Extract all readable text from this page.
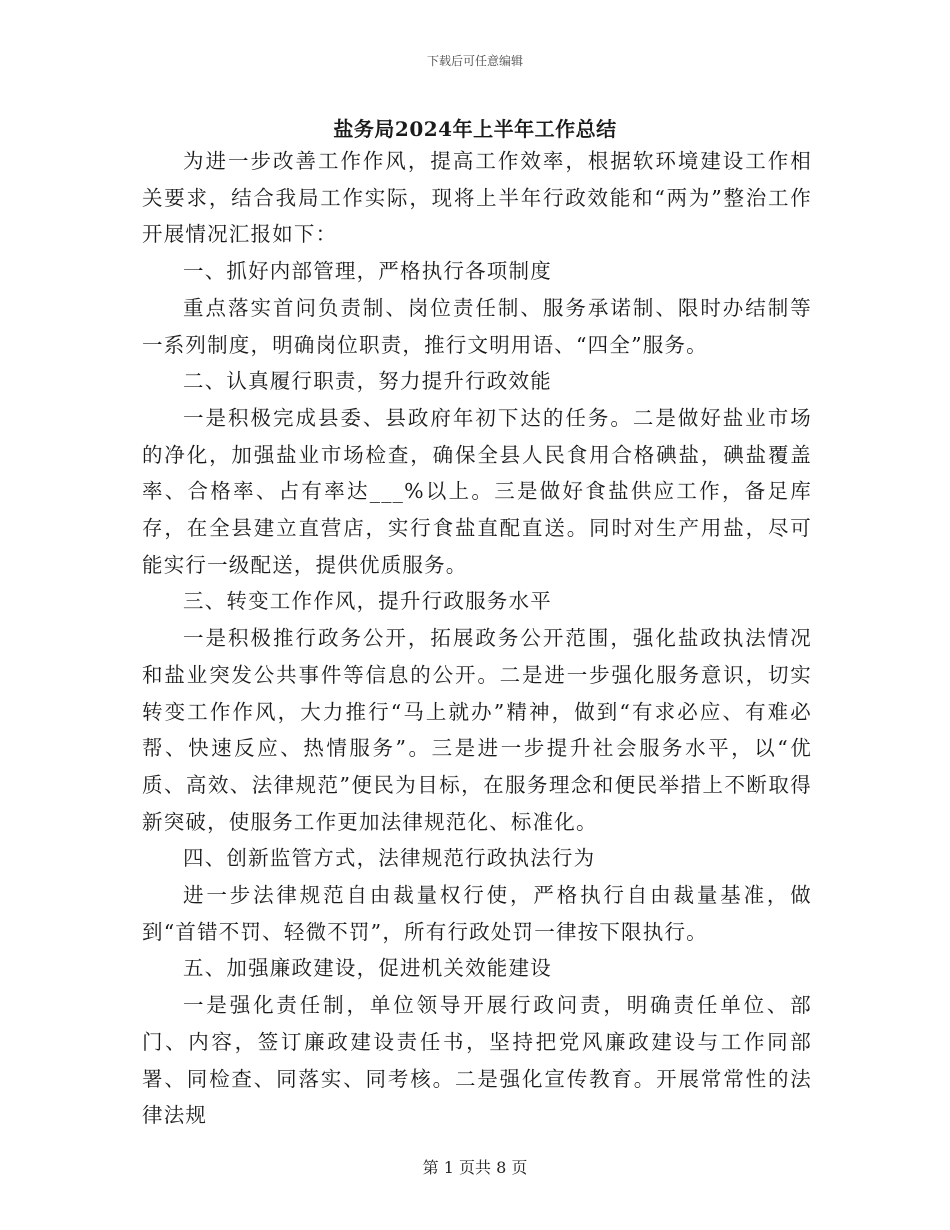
下载后可任意编辑
盐务局2024年上半年工作总结

为进一步改善工作作风，提高工作效率，根据软环境建设工作相关要求，结合我局工作实际，现将上半年行政效能和“两为”整治工作开展情况汇报如下：

一、抓好内部管理，严格执行各项制度

重点落实首问负责制、岗位责任制、服务承诺制、限时办结制等一系列制度，明确岗位职责，推行文明用语、“四全”服务。

二、认真履行职责，努力提升行政效能

一是积极完成县委、县政府年初下达的任务。二是做好盐业市场的净化，加强盐业市场检查，确保全县人民食用合格碘盐，碘盐覆盖率、合格率、占有率达___%以上。三是做好食盐供应工作，备足库存，在全县建立直营店，实行食盐直配直送。同时对生产用盐，尽可能实行一级配送，提供优质服务。

三、转变工作作风，提升行政服务水平

一是积极推行政务公开，拓展政务公开范围，强化盐政执法情况和盐业突发公共事件等信息的公开。二是进一步强化服务意识，切实转变工作作风，大力推行“马上就办”精神，做到“有求必应、有难必帮、快速反应、热情服务”。三是进一步提升社会服务水平，以“优质、高效、法律规范”便民为目标，在服务理念和便民举措上不断取得新突破，使服务工作更加法律规范化、标准化。

四、创新监管方式，法律规范行政执法行为

进一步法律规范自由裁量权行使，严格执行自由裁量基准，做到“首错不罚、轻微不罚”，所有行政处罚一律按下限执行。

五、加强廉政建设，促进机关效能建设

一是强化责任制，单位领导开展行政问责，明确责任单位、部门、内容，签订廉政建设责任书，坚持把党风廉政建设与工作同部署、同检查、同落实、同考核。二是强化宣传教育。开展常常性的法律法规

第 1 页共 8 页
